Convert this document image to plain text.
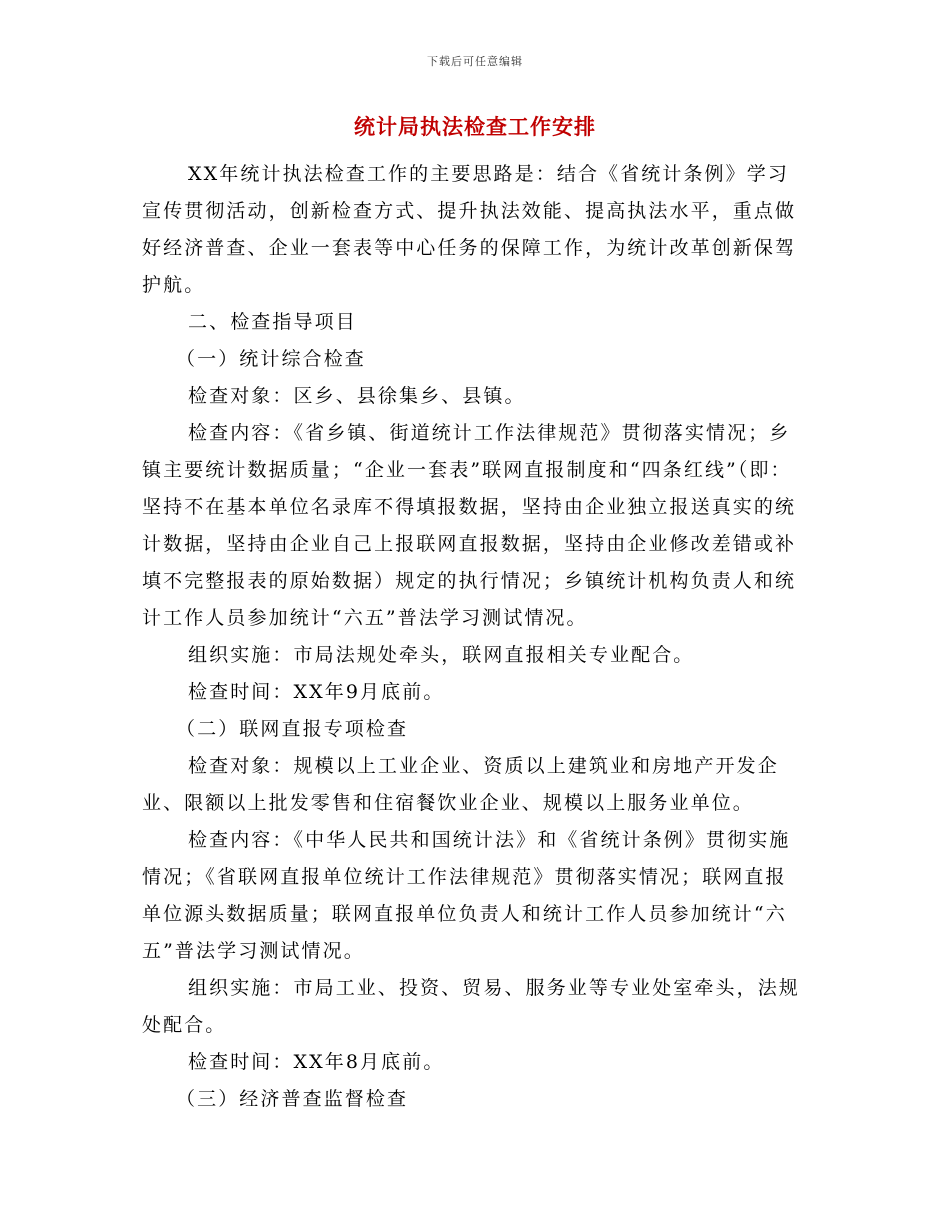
下载后可任意编辑
统计局执法检查工作安排

XX年统计执法检查工作的主要思路是：结合《省统计条例》学习宣传贯彻活动，创新检查方式、提升执法效能、提高执法水平，重点做好经济普查、企业一套表等中心任务的保障工作，为统计改革创新保驾护航。

二、检查指导项目

（一）统计综合检查

检查对象：区乡、县徐集乡、县镇。

检查内容：《省乡镇、街道统计工作法律规范》贯彻落实情况；乡镇主要统计数据质量；“企业一套表”联网直报制度和“四条红线”（即：坚持不在基本单位名录库不得填报数据，坚持由企业独立报送真实的统计数据，坚持由企业自己上报联网直报数据，坚持由企业修改差错或补填不完整报表的原始数据）规定的执行情况；乡镇统计机构负责人和统计工作人员参加统计“六五”普法学习测试情况。

组织实施：市局法规处牵头，联网直报相关专业配合。

检查时间：XX年9月底前。

（二）联网直报专项检查

检查对象：规模以上工业企业、资质以上建筑业和房地产开发企业、限额以上批发零售和住宿餐饮业企业、规模以上服务业单位。

检查内容：《中华人民共和国统计法》和《省统计条例》贯彻实施情况；《省联网直报单位统计工作法律规范》贯彻落实情况；联网直报单位源头数据质量；联网直报单位负责人和统计工作人员参加统计“六五”普法学习测试情况。

组织实施：市局工业、投资、贸易、服务业等专业处室牵头，法规处配合。

检查时间：XX年8月底前。

（三）经济普查监督检查
